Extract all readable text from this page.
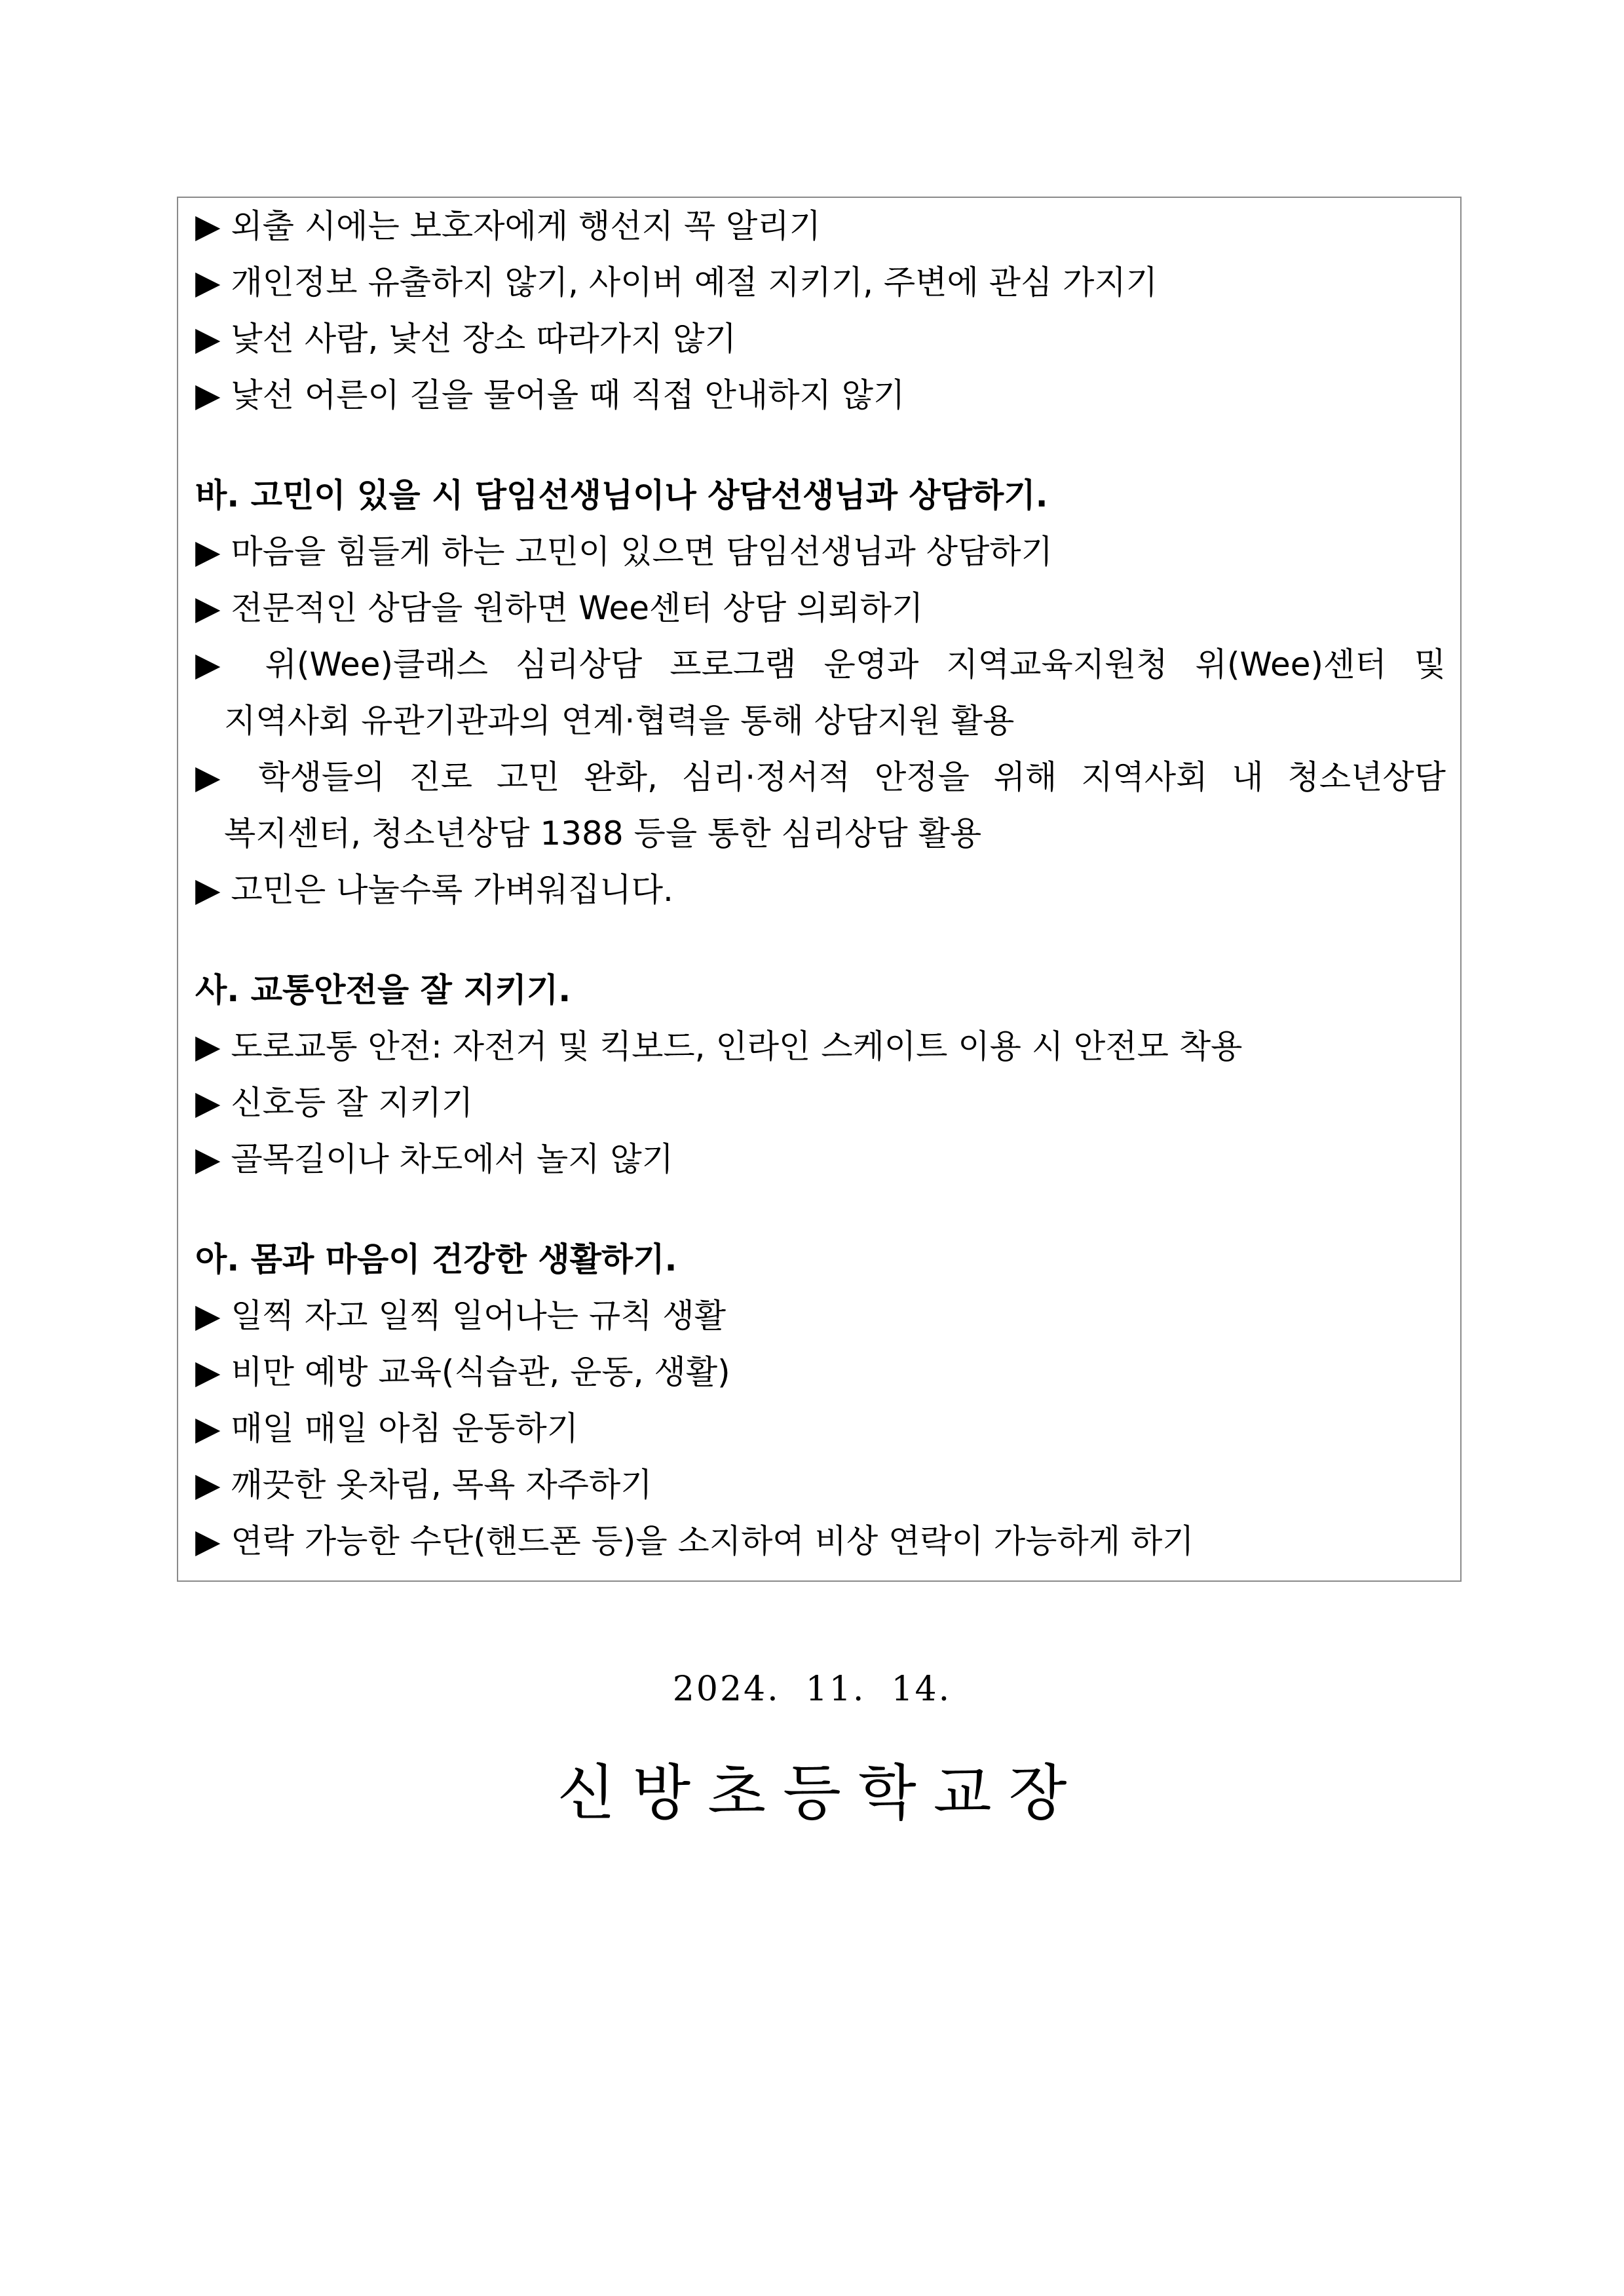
▶ 외출 시에는 보호자에게 행선지 꼭 알리기
▶ 개인정보 유출하지 않기, 사이버 예절 지키기, 주변에 관심 가지기
▶ 낯선 사람, 낯선 장소 따라가지 않기
▶ 낯선 어른이 길을 물어올 때 직접 안내하지 않기
바. 고민이 있을 시 담임선생님이나 상담선생님과 상담하기.
▶ 마음을 힘들게 하는 고민이 있으면 담임선생님과 상담하기
▶ 전문적인 상담을 원하면 Wee센터 상담 의뢰하기
▶ 위(Wee)클래스 심리상담 프로그램 운영과 지역교육지원청 위(Wee)센터 및
지역사회 유관기관과의 연계·협력을 통해 상담지원 활용
▶ 학생들의 진로 고민 완화, 심리·정서적 안정을 위해 지역사회 내 청소년상담
복지센터, 청소년상담 1388 등을 통한 심리상담 활용
▶ 고민은 나눌수록 가벼워집니다.
사. 교통안전을 잘 지키기.
▶ 도로교통 안전: 자전거 및 킥보드, 인라인 스케이트 이용 시 안전모 착용
▶ 신호등 잘 지키기
▶ 골목길이나 차도에서 놀지 않기
아. 몸과 마음이 건강한 생활하기.
▶ 일찍 자고 일찍 일어나는 규칙 생활
▶ 비만 예방 교육(식습관, 운동, 생활)
▶ 매일 매일 아침 운동하기
▶ 깨끗한 옷차림, 목욕 자주하기
▶ 연락 가능한 수단(핸드폰 등)을 소지하여 비상 연락이 가능하게 하기
2024.  11.  14.
신방초등학교장
